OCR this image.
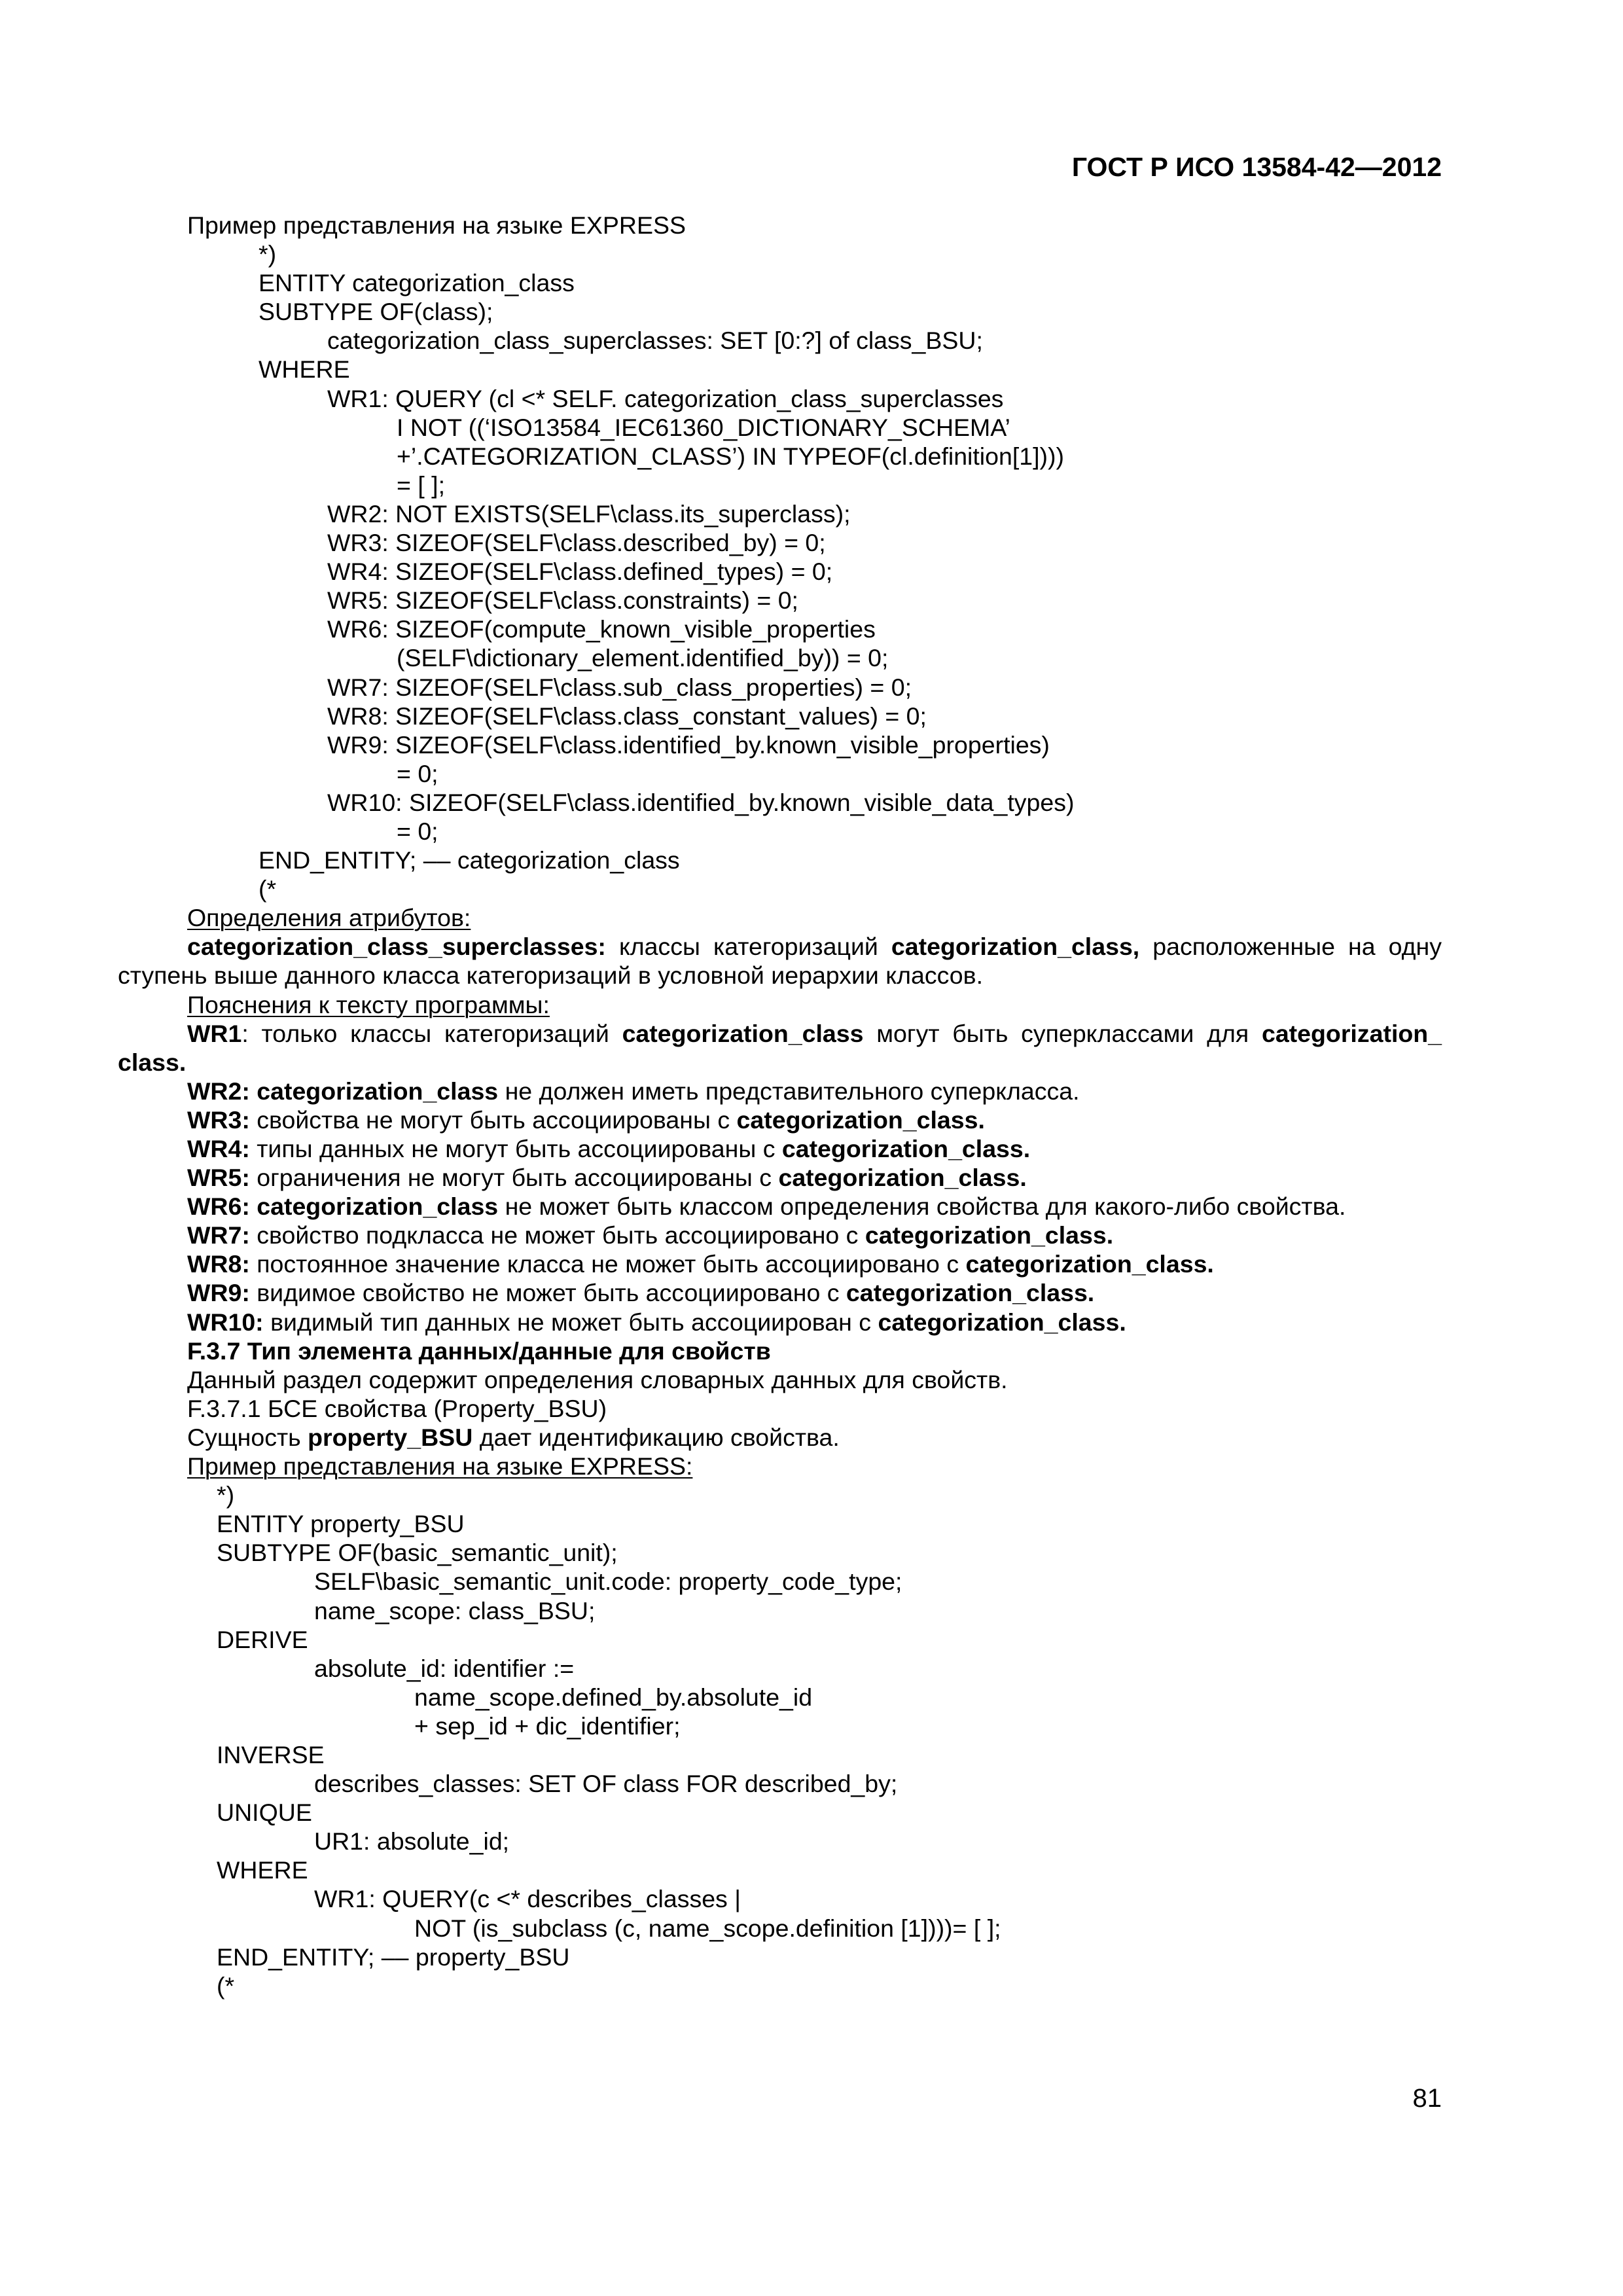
ГОСТ Р ИСО 13584-42—2012
Пример представления на языке EXPRESS
*)
ENTITY categorization_class
SUBTYPE OF(class);
categorization_class_superclasses: SET [0:?] of class_BSU;
WHERE
WR1: QUERY (cl <* SELF. categorization_class_superclasses
I NOT ((‘ISO13584_IEC61360_DICTIONARY_SCHEMA’
+’.CATEGORIZATION_CLASS’) IN TYPEOF(cl.definition[1])))
= [ ];
WR2: NOT EXISTS(SELF\class.its_superclass);
WR3: SIZEOF(SELF\class.described_by) = 0;
WR4: SIZEOF(SELF\class.defined_types) = 0;
WR5: SIZEOF(SELF\class.constraints) = 0;
WR6: SIZEOF(compute_known_visible_properties
(SELF\dictionary_element.identified_by)) = 0;
WR7: SIZEOF(SELF\class.sub_class_properties) = 0;
WR8: SIZEOF(SELF\class.class_constant_values) = 0;
WR9: SIZEOF(SELF\class.identified_by.known_visible_properties)
= 0;
WR10: SIZEOF(SELF\class.identified_by.known_visible_data_types)
= 0;
END_ENTITY; –– categorization_class
(*
Определения атрибутов:
categorization_class_superclasses: классы категоризаций categorization_class, расположенные на одну
ступень выше данного класса категоризаций в условной иерархии классов.
Пояснения к тексту программы:
WR1: только классы категоризаций categorization_class могут быть суперклассами для categorization_
class.
WR2: categorization_class не должен иметь представительного суперкласса.
WR3: свойства не могут быть ассоциированы с categorization_class.
WR4: типы данных не могут быть ассоциированы с categorization_class.
WR5: ограничения не могут быть ассоциированы с categorization_class.
WR6: categorization_class не может быть классом определения свойства для какого-либо свойства.
WR7: свойство подкласса не может быть ассоциировано с categorization_class.
WR8: постоянное значение класса не может быть ассоциировано с categorization_class.
WR9: видимое свойство не может быть ассоциировано с categorization_class.
WR10: видимый тип данных не может быть ассоциирован с categorization_class.
F.3.7 Тип элемента данных/данные для свойств
Данный раздел содержит определения словарных данных для свойств.
F.3.7.1 БСЕ свойства (Property_BSU)
Сущность property_BSU дает идентификацию свойства.
Пример представления на языке EXPRESS:
*)
ENTITY property_BSU
SUBTYPE OF(basic_semantic_unit);
SELF\basic_semantic_unit.code: property_code_type;
name_scope: class_BSU;
DERIVE
absolute_id: identifier :=
name_scope.defined_by.absolute_id
+ sep_id + dic_identifier;
INVERSE
describes_classes: SET OF class FOR described_by;
UNIQUE
UR1: absolute_id;
WHERE
WR1: QUERY(c <* describes_classes |
NOT (is_subclass (c, name_scope.definition [1])))= [ ];
END_ENTITY; –– property_BSU
(*
81
